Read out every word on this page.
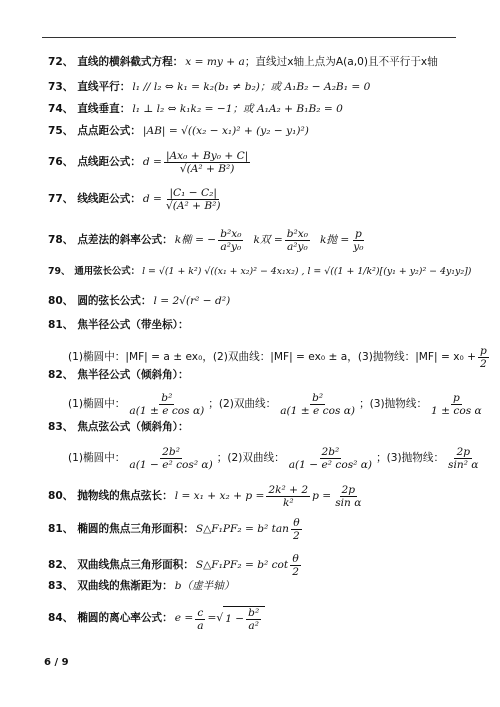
72、 直线的横斜截式方程： x = my + a ；直线过x轴上点为A(a,0)且不平行于x轴
73、 直线平行： l₁ // l₂ ⇔ k₁ = k₂(b₁ ≠ b₂)；或 A₁B₂ − A₂B₁ = 0
74、 直线垂直： l₁ ⊥ l₂ ⇔ k₁k₂ = −1；或 A₁A₂ + B₁B₂ = 0
75、 点点距公式： |AB| = √((x₂ − x₁)² + (y₂ − y₁)²)
76、 点线距公式： $d = \frac{\text{|Ax₀ + By₀ + C|}}{\text{√(A² + B²)}}$
77、 线线距公式： $d = \frac{\text{|C₁ − C₂|}}{\text{√(A² + B²)}}$
78、 点差法的斜率公式： k椭 = − $\frac{\text{b²x₀}}{\text{a²y₀}}$ k双 = $\frac{\text{b²x₀}}{\text{a²y₀}}$ k抛 = $\frac{p}{\text{y₀}}$
79、 通用弦长公式： l = √(1 + k²) √((x₁ + x₂)² − 4x₁x₂) , l = √((1 + 1/k²)[(y₁ + y₂)² − 4y₁y₂])
80、 圆的弦长公式： l = 2√(r² − d²)
81、 焦半径公式（带坐标）：
(1)椭圆中：|MF| = a ± ex₀， (2)双曲线：|MF| = ex₀ ± a， (3)抛物线：$|MF| = x_0 + \frac{p}{2}$
82、 焦半径公式（倾斜角）：
(1)椭圆中： $\frac{\text{b²}}{\text{a(1 ± e cos α)}}$ ；(2)双曲线： $\frac{\text{b²}}{\text{a(1 ± e cos α)}}$ ；(3)抛物线： $\frac{p}{\text{1 ± cos α}}$
83、 焦点弦公式（倾斜角）：
(1)椭圆中： $\frac{\text{2b²}}{\text{a(1 − e² cos² α)}}$ ；(2)双曲线： $\frac{\text{2b²}}{\text{a(1 − e² cos² α)}}$ ；(3)抛物线： $\frac{2p}{\text{sin² α}}$
80、 抛物线的焦点弦长： $l = x_1 + x_2 + p = \frac{\text{2k² + 2}}{\text{k²}}$ $p = \frac{2p}{\text{sin α}}$
81、 椭圆的焦点三角形面积： S△F₁PF₂ = b² $\tan \frac{\theta}{2}$
82、 双曲线焦点三角形面积： S△F₁PF₂ = b² $\cot \frac{\theta}{2}$
83、 双曲线的焦渐距为： b（虚半轴）
84、 椭圆的离心率公式： $e = \frac{c}{a}$ = √ $1 - \frac{\text{b²}}{\text{a²}}$
6 / 9
